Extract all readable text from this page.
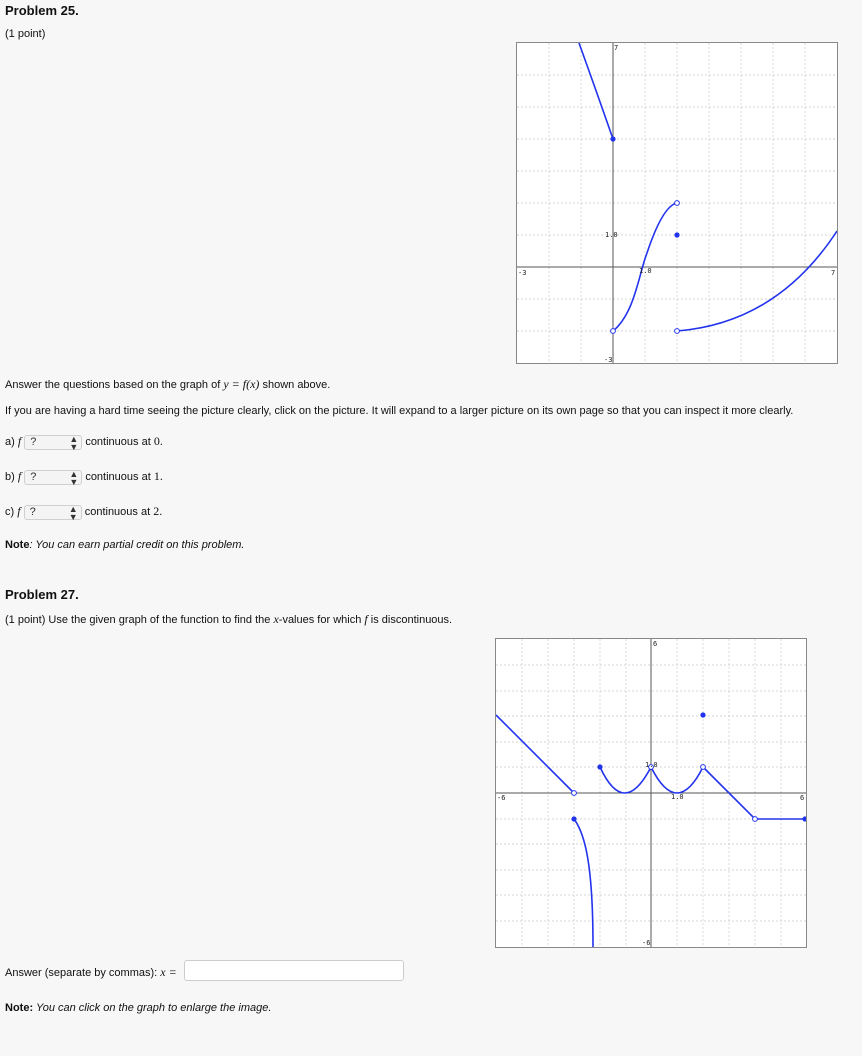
Problem 25.
(1 point)
7
-3
-3	7
1.0
1.0
Answer the questions based on the graph of y = f(x) shown above.
If you are having a hard time seeing the picture clearly, click on the picture. It will expand to a larger picture on its own page so that you can inspect it more clearly.
a) f ?	▲
▼ continuous at 0.
b) f ?	▲
▼ continuous at 1.
c) f ?	▲
▼ continuous at 2.
Note: You can earn partial credit on this problem.
Problem 27.
(1 point) Use the given graph of the function to find the x-values for which f is discontinuous.
6
-6
-6	6
1.0
1.0
Answer (separate by commas): x =
Note: You can click on the graph to enlarge the image.
